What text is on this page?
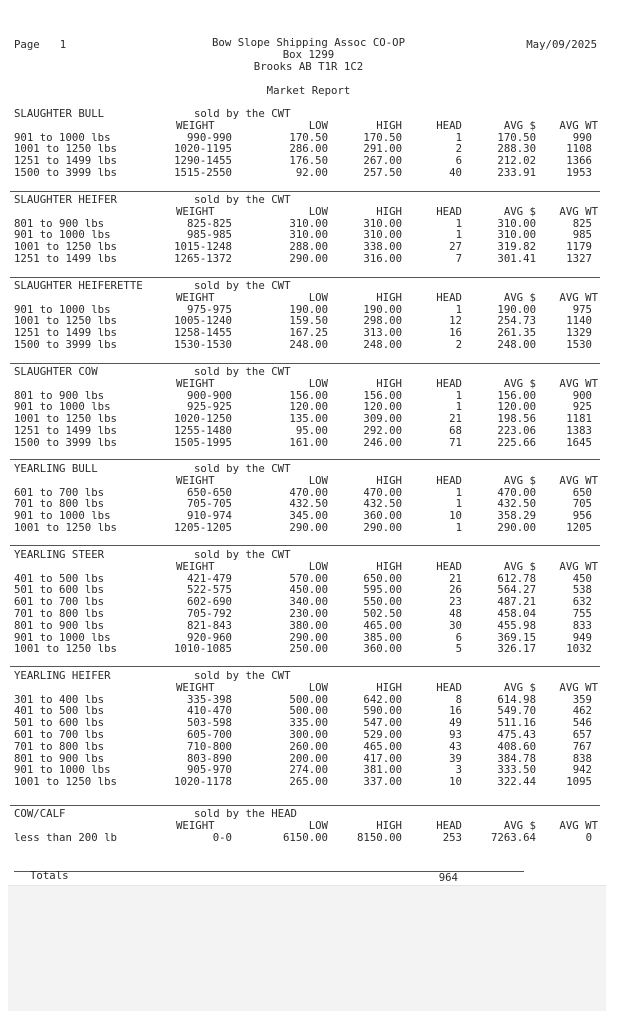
Page 1	Bow Slope Shipping Assoc CO-OP
Box 1299
Brooks AB T1R 1C2
May/09/2025
Market Report
SLAUGHTER BULL	sold by the CWT
WEIGHT	LOW	HIGH	HEAD	AVG $	AVG WT
901 to 1000 lbs	990-990	170.50	170.50	1	170.50	990
1001 to 1250 lbs	1020-1195	286.00	291.00	2	288.30	1108
1251 to 1499 lbs	1290-1455	176.50	267.00	6	212.02	1366
1500 to 3999 lbs	1515-2550	92.00	257.50	40	233.91	1953
SLAUGHTER HEIFER	sold by the CWT
WEIGHT	LOW	HIGH	HEAD	AVG $	AVG WT
801 to 900 lbs	825-825	310.00	310.00	1	310.00	825
901 to 1000 lbs	985-985	310.00	310.00	1	310.00	985
1001 to 1250 lbs	1015-1248	288.00	338.00	27	319.82	1179
1251 to 1499 lbs	1265-1372	290.00	316.00	7	301.41	1327
SLAUGHTER HEIFERETTE	sold by the CWT
WEIGHT	LOW	HIGH	HEAD	AVG $	AVG WT
901 to 1000 lbs	975-975	190.00	190.00	1	190.00	975
1001 to 1250 lbs	1005-1240	159.50	298.00	12	254.73	1140
1251 to 1499 lbs	1258-1455	167.25	313.00	16	261.35	1329
1500 to 3999 lbs	1530-1530	248.00	248.00	2	248.00	1530
SLAUGHTER COW	sold by the CWT
WEIGHT	LOW	HIGH	HEAD	AVG $	AVG WT
801 to 900 lbs	900-900	156.00	156.00	1	156.00	900
901 to 1000 lbs	925-925	120.00	120.00	1	120.00	925
1001 to 1250 lbs	1020-1250	135.00	309.00	21	198.56	1181
1251 to 1499 lbs	1255-1480	95.00	292.00	68	223.06	1383
1500 to 3999 lbs	1505-1995	161.00	246.00	71	225.66	1645
YEARLING BULL	sold by the CWT
WEIGHT	LOW	HIGH	HEAD	AVG $	AVG WT
601 to 700 lbs	650-650	470.00	470.00	1	470.00	650
701 to 800 lbs	705-705	432.50	432.50	1	432.50	705
901 to 1000 lbs	910-974	345.00	360.00	10	358.29	956
1001 to 1250 lbs	1205-1205	290.00	290.00	1	290.00	1205
YEARLING STEER	sold by the CWT
WEIGHT	LOW	HIGH	HEAD	AVG $	AVG WT
401 to 500 lbs	421-479	570.00	650.00	21	612.78	450
501 to 600 lbs	522-575	450.00	595.00	26	564.27	538
601 to 700 lbs	602-690	340.00	550.00	23	487.21	632
701 to 800 lbs	705-792	230.00	502.50	48	458.04	755
801 to 900 lbs	821-843	380.00	465.00	30	455.98	833
901 to 1000 lbs	920-960	290.00	385.00	6	369.15	949
1001 to 1250 lbs	1010-1085	250.00	360.00	5	326.17	1032
YEARLING HEIFER	sold by the CWT
WEIGHT	LOW	HIGH	HEAD	AVG $	AVG WT
301 to 400 lbs	335-398	500.00	642.00	8	614.98	359
401 to 500 lbs	410-470	500.00	590.00	16	549.70	462
501 to 600 lbs	503-598	335.00	547.00	49	511.16	546
601 to 700 lbs	605-700	300.00	529.00	93	475.43	657
701 to 800 lbs	710-800	260.00	465.00	43	408.60	767
801 to 900 lbs	803-890	200.00	417.00	39	384.78	838
901 to 1000 lbs	905-970	274.00	381.00	3	333.50	942
1001 to 1250 lbs	1020-1178	265.00	337.00	10	322.44	1095
COW/CALF	sold by the HEAD
WEIGHT	LOW	HIGH	HEAD	AVG $	AVG WT
less than 200 lb	0-0	6150.00	8150.00	253	7263.64	0
Totals	964
